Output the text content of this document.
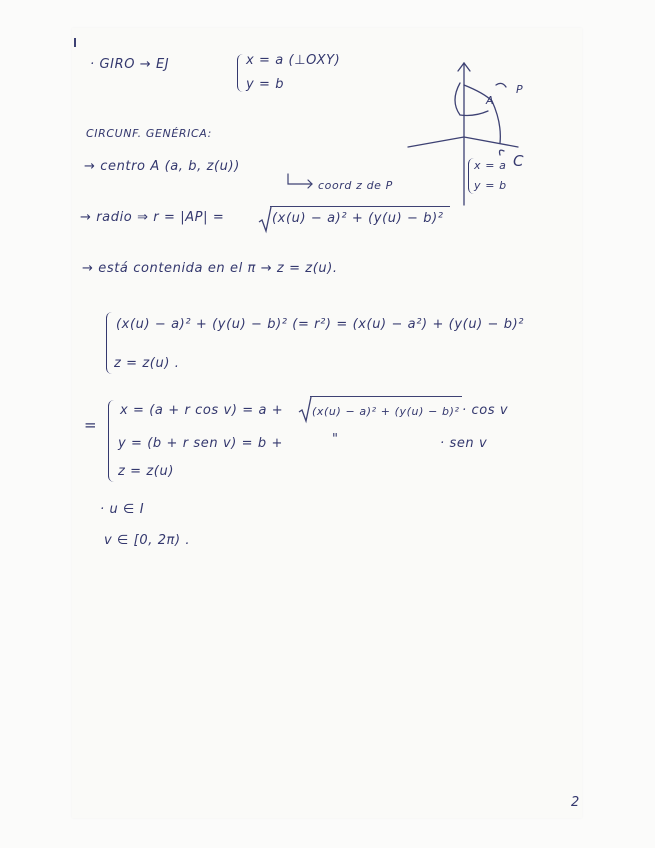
· GIRO → EJ	x = a (⊥OXY)
y = b
A
P
C
CIRCUNF. GENÉRICA:
→ centro A (a, b, z(u))
coord z de P
x = a
y = b
→ radio ⇒ r = |AP| =	(x(u) − a)² + (y(u) − b)²
→ está contenida en el π → z = z(u).
(x(u) − a)² + (y(u) − b)² (= r²) = (x(u) − a²) + (y(u) − b)²
z = z(u) .
=
x = (a + r cos v) = a +	(x(u) − a)² + (y(u) − b)² · cos v
y = (b + r sen v) = b +	"	· sen v
z = z(u)
· u ∈ I
v ∈ [0, 2π) .
2
